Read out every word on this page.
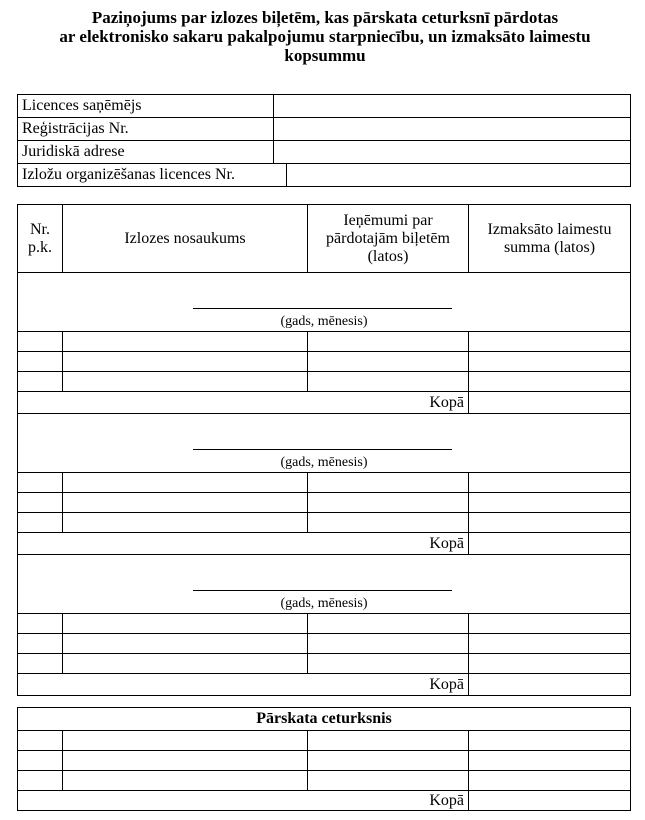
Paziņojums par izlozes biļetēm, kas pārskata ceturksnī pārdotas
ar elektronisko sakaru pakalpojumu starpniecību, un izmaksāto laimestu
kopsummu
Licences saņēmējs	
Reģistrācijas Nr.	
Juridiskā adrese	

Izložu organizēšanas licences Nr.	
Nr. p.k.	Izlozes nosaukums	Ieņēmumi par pārdotajām biļetēm (latos)	Izmaksāto laimestu summa (latos)

(gads, mēnesis)			

Kopā			

(gads, mēnesis)			

Kopā			

(gads, mēnesis)			

Kopā			
Pārskata ceturksnis			

Kopā			
